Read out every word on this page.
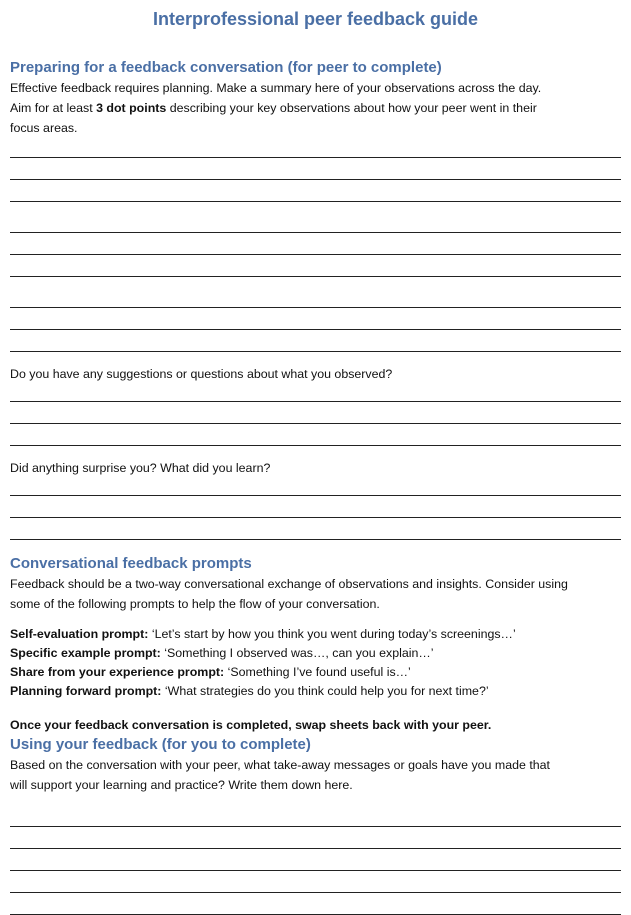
Interprofessional peer feedback guide
Preparing for a feedback conversation (for peer to complete)

Effective feedback requires planning. Make a summary here of your observations across the day.

Aim for at least 3 dot points describing your key observations about how your peer went in their

focus areas.

Do you have any suggestions or questions about what you observed?

Did anything surprise you? What did you learn?

Conversational feedback prompts

Feedback should be a two-way conversational exchange of observations and insights. Consider using

some of the following prompts to help the flow of your conversation.

Self-evaluation prompt: ‘Let’s start by how you think you went during today’s screenings…’

Specific example prompt: ‘Something I observed was…, can you explain…’

Share from your experience prompt: ‘Something I’ve found useful is…’

Planning forward prompt: ‘What strategies do you think could help you for next time?’

Once your feedback conversation is completed, swap sheets back with your peer.

Using your feedback (for you to complete)

Based on the conversation with your peer, what take-away messages or goals have you made that

will support your learning and practice? Write them down here.
